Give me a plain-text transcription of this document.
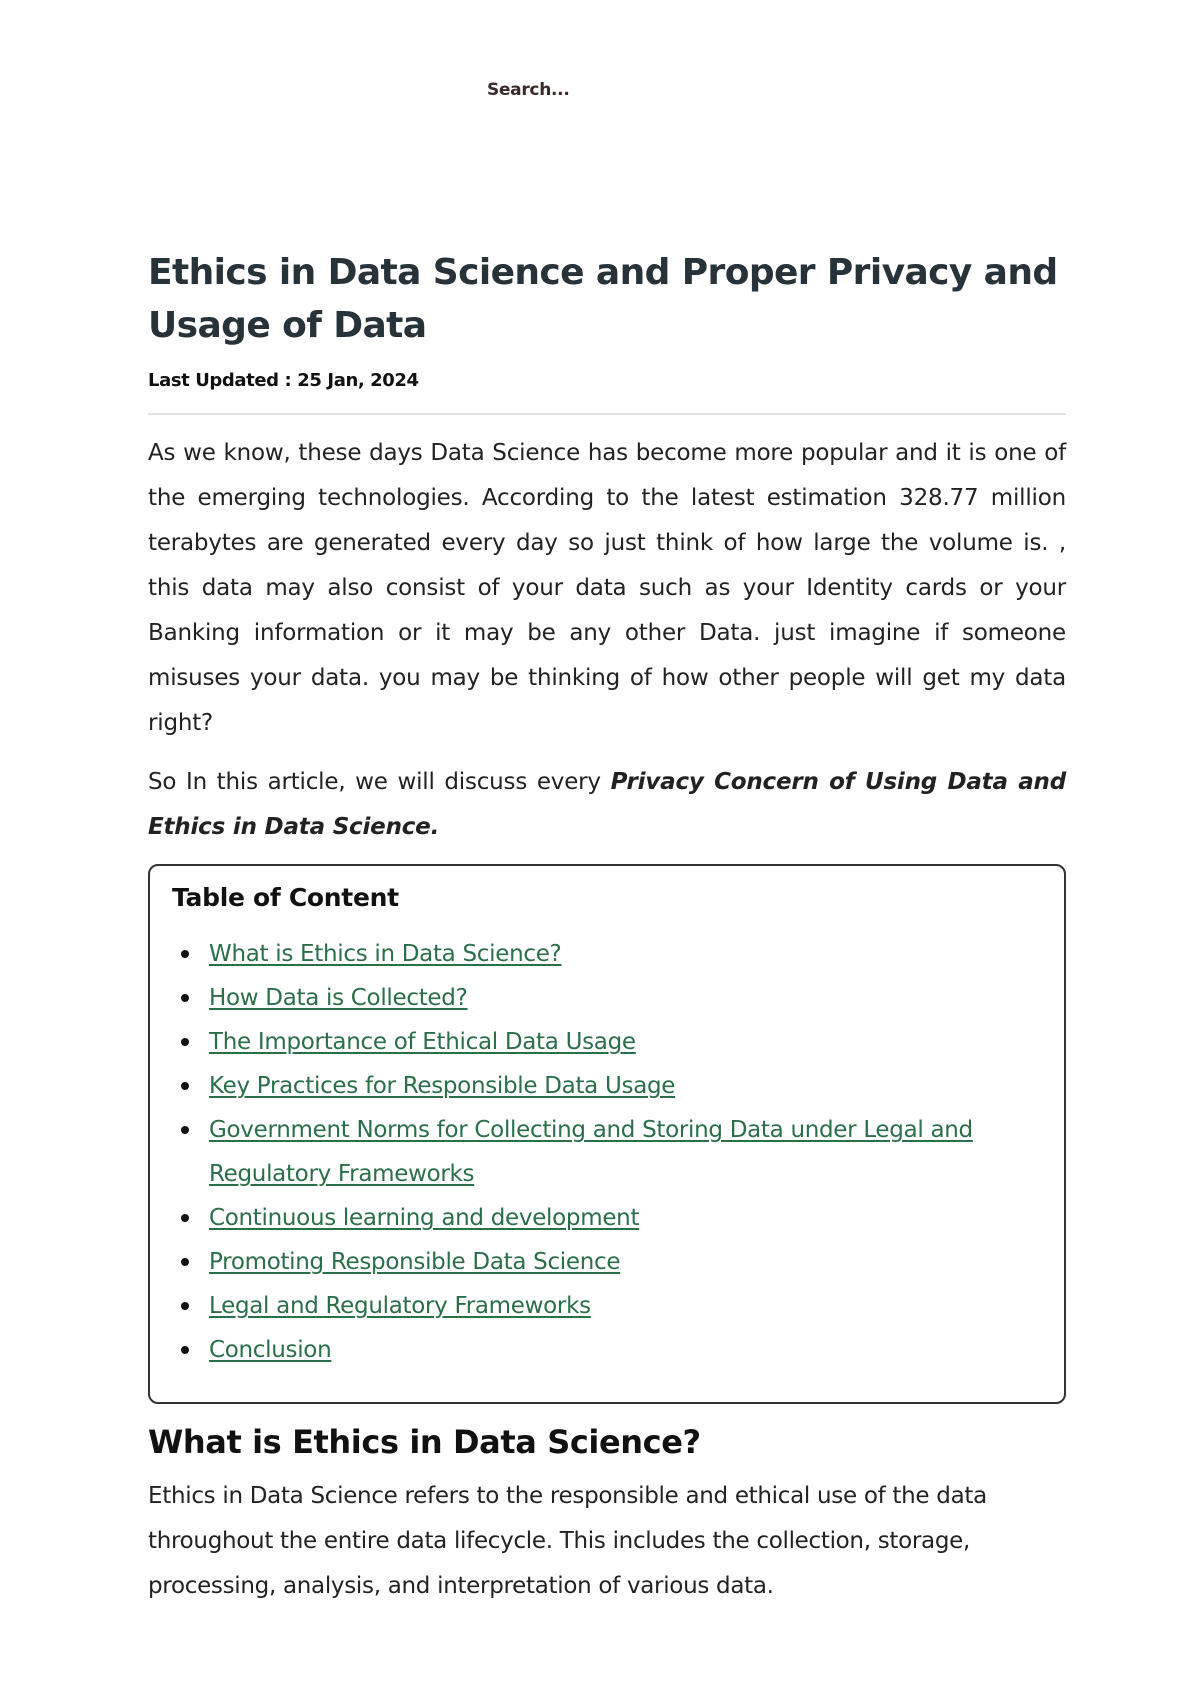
Search...
Ethics in Data Science and Proper Privacy and Usage of Data
Last Updated : 25 Jan, 2024

As we know, these days Data Science has become more popular and it is one of the emerging technologies. According to the latest estimation 328.77 million terabytes are generated every day so just think of how large the volume is. , this data may also consist of your data such as your Identity cards or your Banking information or it may be any other Data. just imagine if someone misuses your data. you may be thinking of how other people will get my data right?

So In this article, we will discuss every Privacy Concern of Using Data and Ethics in Data Science.

Table of Content
What is Ethics in Data Science?
How Data is Collected?
The Importance of Ethical Data Usage
Key Practices for Responsible Data Usage
Government Norms for Collecting and Storing Data under Legal and Regulatory Frameworks
Continuous learning and development
Promoting Responsible Data Science
Legal and Regulatory Frameworks
Conclusion
What is Ethics in Data Science?

Ethics in Data Science refers to the responsible and ethical use of the data throughout the entire data lifecycle. This includes the collection, storage, processing, analysis, and interpretation of various data.
